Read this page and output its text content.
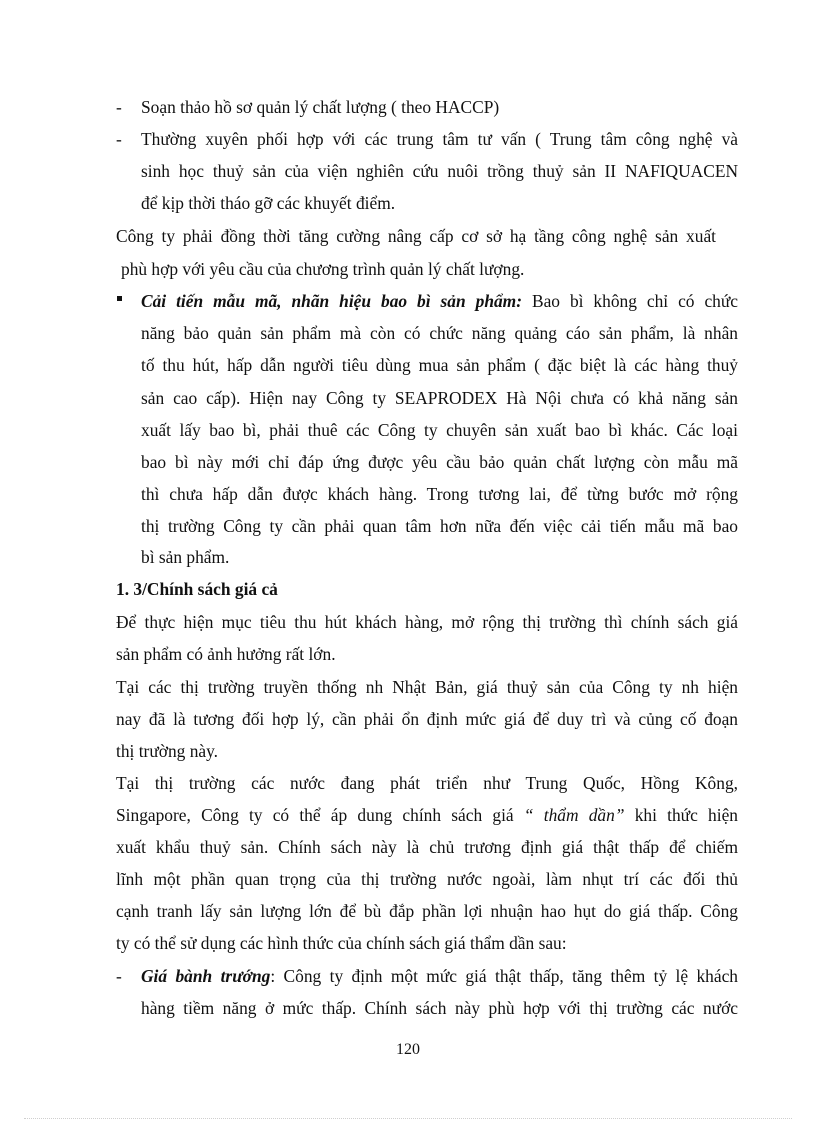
-
-
-
Soạn thảo hồ sơ quản lý chất lượng ( theo HACCP)
Thường xuyên phối hợp với các trung tâm tư vấn ( Trung tâm công nghệ và
sinh học thuỷ sản của viện nghiên cứu nuôi trồng thuỷ sản II NAFIQUACEN
để kịp thời tháo gỡ các khuyết điểm.
Công ty phải đồng thời tăng cường nâng cấp cơ sở hạ tầng công nghệ sản xuất
phù hợp với yêu cầu của chương trình quản lý chất lượng.
Cải tiến mẫu mã, nhãn hiệu bao bì sản phẩm: Bao bì không chỉ có chức
năng bảo quản sản phẩm mà còn có chức năng quảng cáo sản phẩm, là nhân
tố thu hút, hấp dẫn người tiêu dùng mua sản phẩm ( đặc biệt là các hàng thuỷ
sản cao cấp). Hiện nay Công ty SEAPRODEX Hà Nội chưa có khả năng sản
xuất lấy bao bì, phải thuê các Công ty chuyên sản xuất bao bì khác. Các loại
bao bì này mới chỉ đáp ứng được yêu cầu bảo quản chất lượng còn mẫu mã
thì chưa hấp dẫn được khách hàng. Trong tương lai, để từng bước mở rộng
thị trường Công ty cần phải quan tâm hơn nữa đến việc cải tiến mẫu mã bao
bì sản phẩm.
1. 3/Chính sách giá cả
Để thực hiện mục tiêu thu hút khách hàng, mở rộng thị trường thì chính sách giá
sản phẩm có ảnh hưởng rất lớn.
Tại các thị trường truyền thống nh Nhật Bản, giá thuỷ sản của Công ty nh hiện
nay đã là tương đối hợp lý, cần phải ổn định mức giá để duy trì và củng cố đoạn
thị trường này.
Tại thị trường các nước đang phát triển như Trung Quốc, Hồng Kông,
Singapore, Công ty có thể áp dung chính sách giá “ thẩm dần” khi thức hiện
xuất khẩu thuỷ sản. Chính sách này là chủ trương định giá thật thấp để chiếm
lĩnh một phần quan trọng của thị trường nước ngoài, làm nhụt trí các đối thủ
cạnh tranh lấy sản lượng lớn để bù đắp phần lợi nhuận hao hụt do giá thấp. Công
ty có thể sử dụng các hình thức của chính sách giá thẩm dần sau:
Giá bành trướng: Công ty định một mức giá thật thấp, tăng thêm tỷ lệ khách
hàng tiềm năng ở mức thấp. Chính sách này phù hợp với thị trường các nước
120
